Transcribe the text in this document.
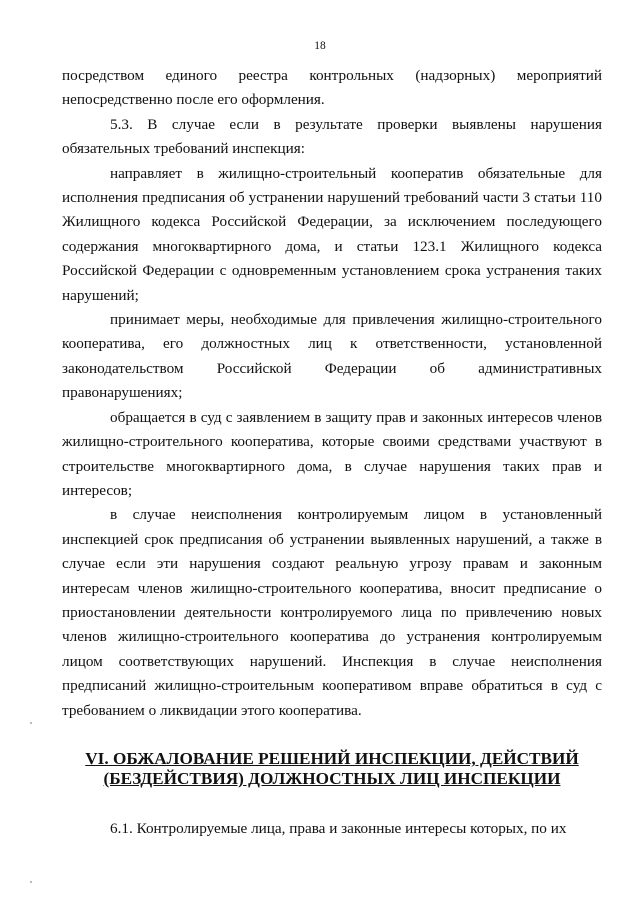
18

посредством единого реестра контрольных (надзорных) мероприятий непосредственно после его оформления.

5.3. В случае если в результате проверки выявлены нарушения обязательных требований инспекция:

направляет в жилищно-строительный кооператив обязательные для исполнения предписания об устранении нарушений требований части 3 статьи 110 Жилищного кодекса Российской Федерации, за исключением последующего содержания многоквартирного дома, и статьи 123.1 Жилищного кодекса Российской Федерации с одновременным установлением срока устранения таких нарушений;

принимает меры, необходимые для привлечения жилищно-строительного кооператива, его должностных лиц к ответственности, установленной законодательством Российской Федерации об административных правонарушениях;

обращается в суд с заявлением в защиту прав и законных интересов членов жилищно-строительного кооператива, которые своими средствами участвуют в строительстве многоквартирного дома, в случае нарушения таких прав и интересов;

в случае неисполнения контролируемым лицом в установленный инспекцией срок предписания об устранении выявленных нарушений, а также в случае если эти нарушения создают реальную угрозу правам и законным интересам членов жилищно-строительного кооператива, вносит предписание о приостановлении деятельности контролируемого лица по привлечению новых членов жилищно-строительного кооператива до устранения контролируемым лицом соответствующих нарушений. Инспекция в случае неисполнения предписаний жилищно-строительным кооперативом вправе обратиться в суд с требованием о ликвидации этого кооператива.

VI. ОБЖАЛОВАНИЕ РЕШЕНИЙ ИНСПЕКЦИИ, ДЕЙСТВИЙ
(БЕЗДЕЙСТВИЯ) ДОЛЖНОСТНЫХ ЛИЦ ИНСПЕКЦИИ

6.1. Контролируемые лица, права и законные интересы которых, по их
